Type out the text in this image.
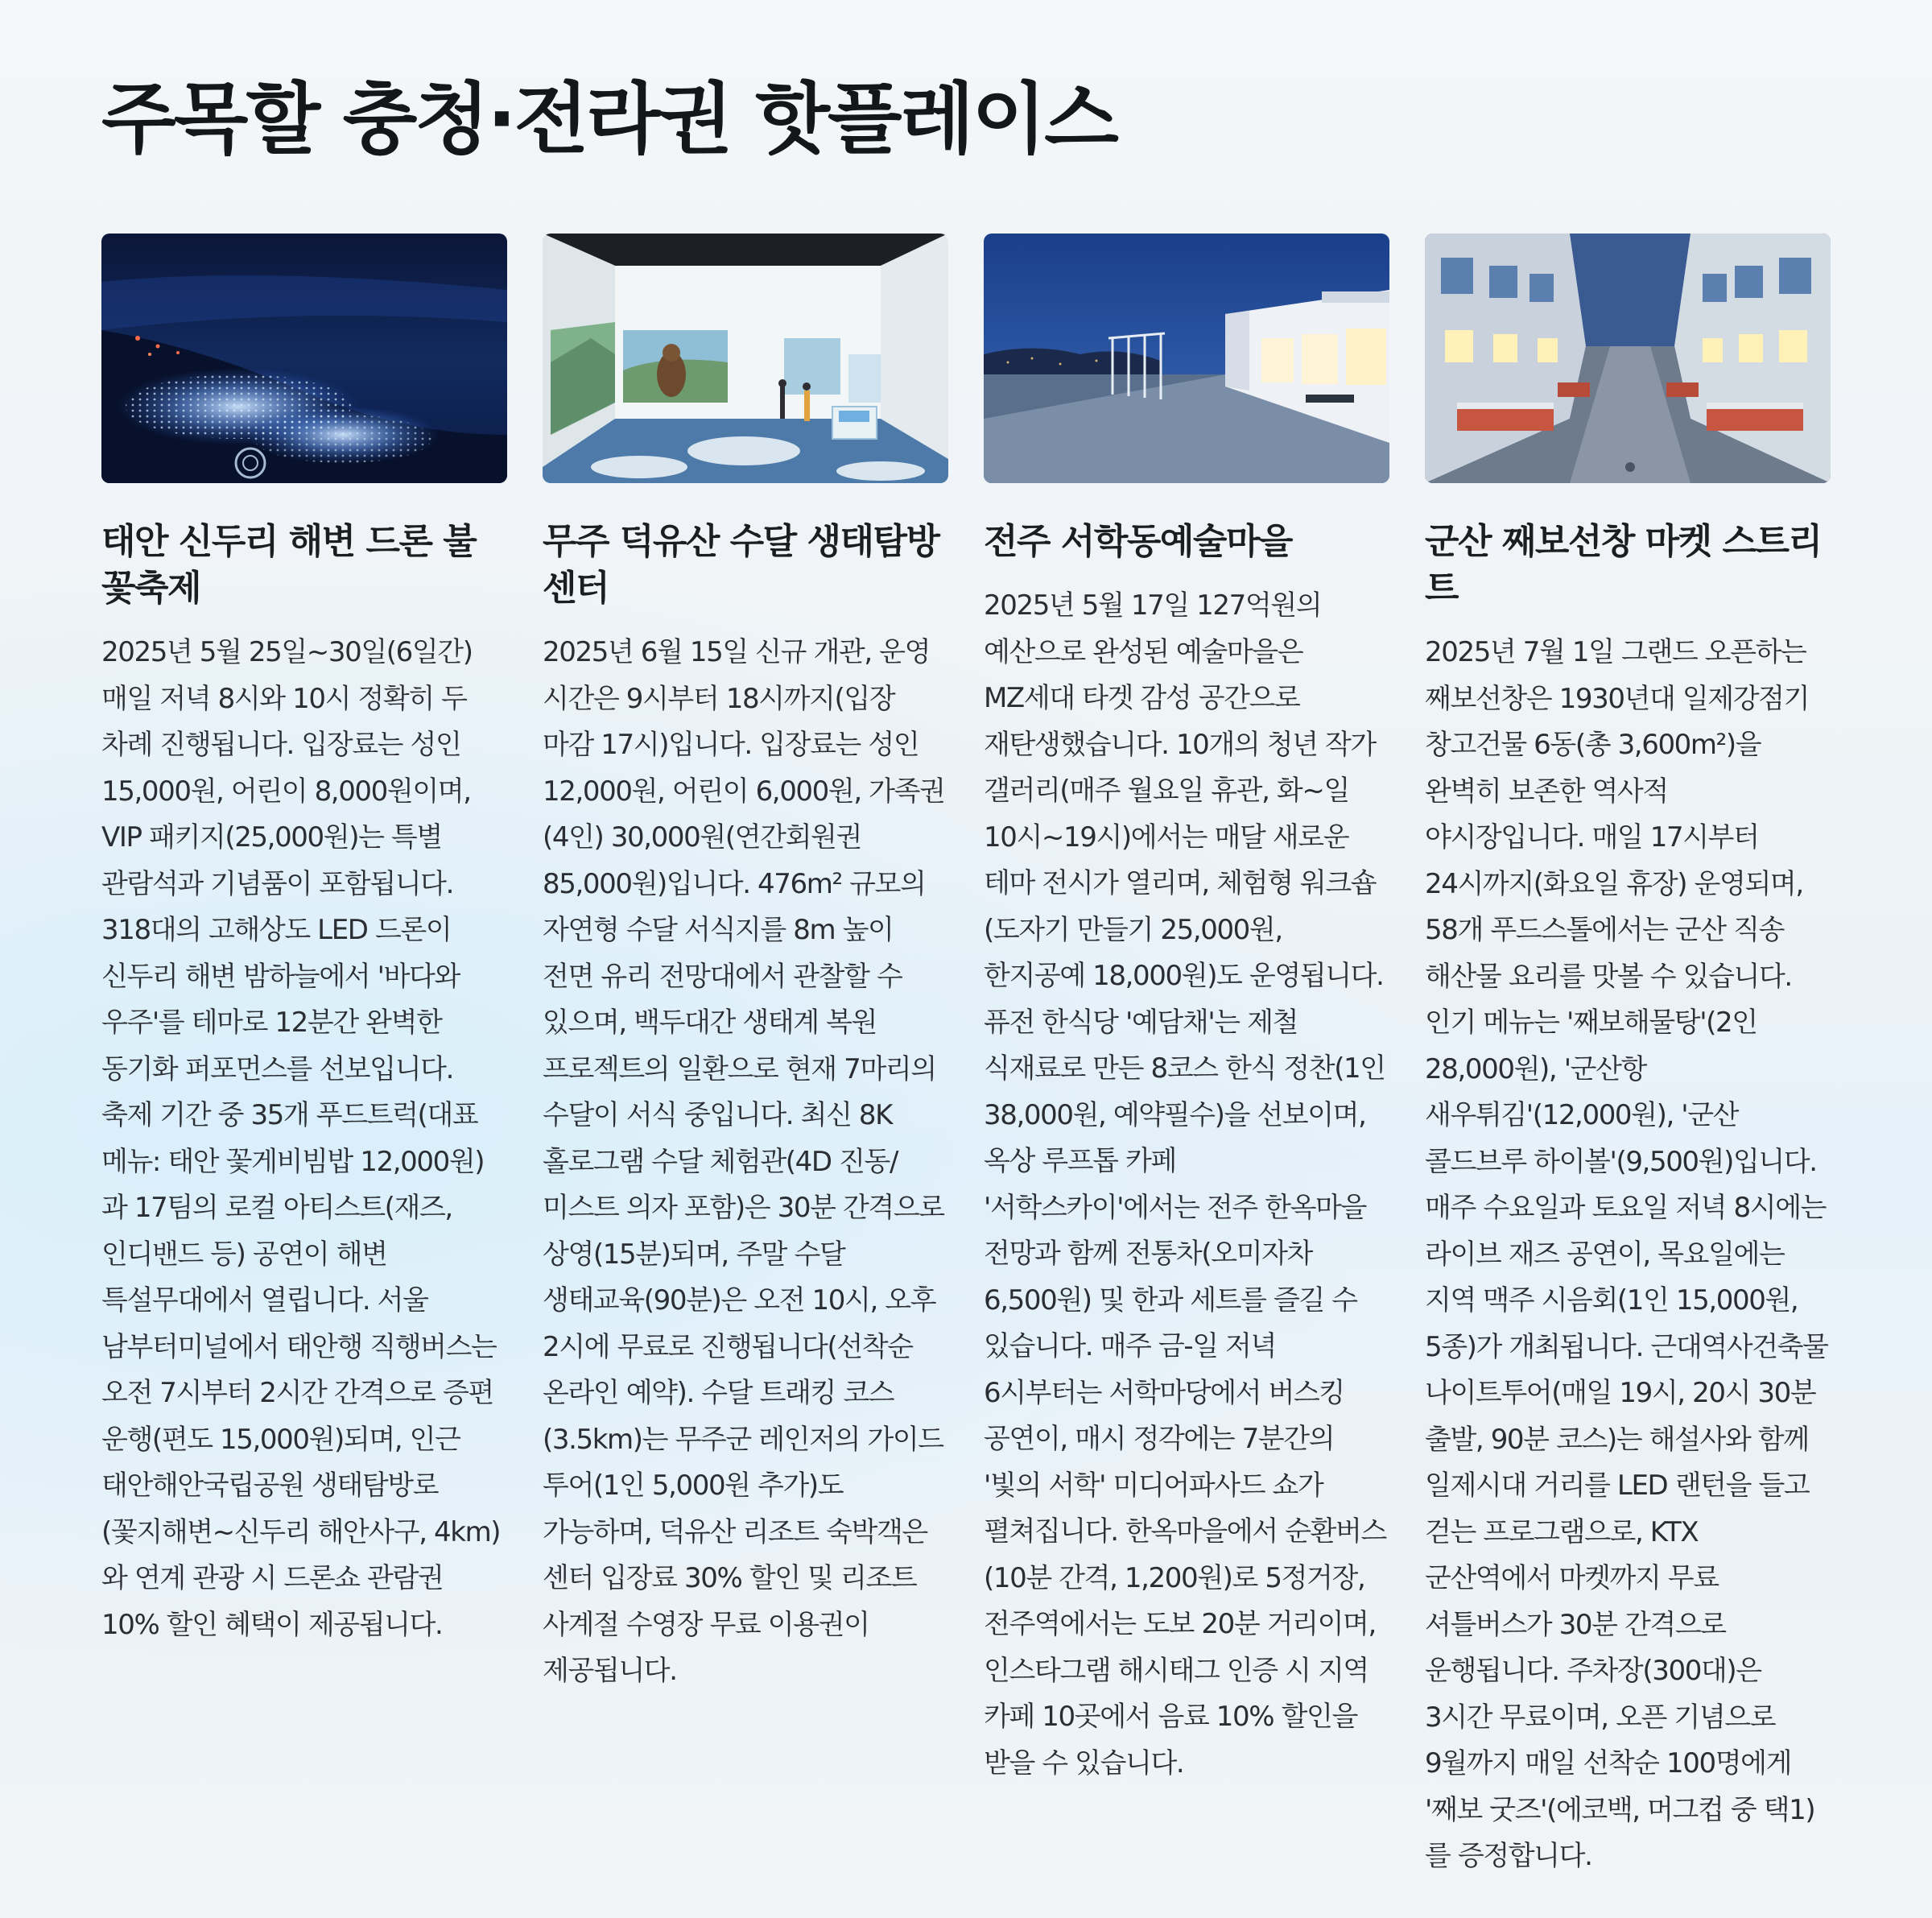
주목할 충청·전라권 핫플레이스
태안 신두리 해변 드론 불꽃축제

2025년 5월 25일~30일(6일간) 매일 저녁 8시와 10시 정확히 두 차례 진행됩니다. 입장료는 성인 15,000원, 어린이 8,000원이며, VIP 패키지(25,000원)는 특별 관람석과 기념품이 포함됩니다. 318대의 고해상도 LED 드론이 신두리 해변 밤하늘에서 '바다와 우주'를 테마로 12분간 완벽한 동기화 퍼포먼스를 선보입니다. 축제 기간 중 35개 푸드트럭(대표 메뉴: 태안 꽃게비빔밥 12,000원)과 17팀의 로컬 아티스트(재즈, 인디밴드 등) 공연이 해변 특설무대에서 열립니다. 서울 남부터미널에서 태안행 직행버스는 오전 7시부터 2시간 간격으로 증편 운행(편도 15,000원)되며, 인근 태안해안국립공원 생태탐방로(꽃지해변~신두리 해안사구, 4km)와 연계 관광 시 드론쇼 관람권 10% 할인 혜택이 제공됩니다.

무주 덕유산 수달 생태탐방센터

2025년 6월 15일 신규 개관, 운영 시간은 9시부터 18시까지(입장 마감 17시)입니다. 입장료는 성인 12,000원, 어린이 6,000원, 가족권(4인) 30,000원(연간회원권 85,000원)입니다. 476m² 규모의 자연형 수달 서식지를 8m 높이 전면 유리 전망대에서 관찰할 수 있으며, 백두대간 생태계 복원 프로젝트의 일환으로 현재 7마리의 수달이 서식 중입니다. 최신 8K 홀로그램 수달 체험관(4D 진동/미스트 의자 포함)은 30분 간격으로 상영(15분)되며, 주말 수달 생태교육(90분)은 오전 10시, 오후 2시에 무료로 진행됩니다(선착순 온라인 예약). 수달 트래킹 코스(3.5km)는 무주군 레인저의 가이드 투어(1인 5,000원 추가)도 가능하며, 덕유산 리조트 숙박객은 센터 입장료 30% 할인 및 리조트 사계절 수영장 무료 이용권이 제공됩니다.

전주 서학동예술마을

2025년 5월 17일 127억원의 예산으로 완성된 예술마을은 MZ세대 타겟 감성 공간으로 재탄생했습니다. 10개의 청년 작가 갤러리(매주 월요일 휴관, 화~일 10시~19시)에서는 매달 새로운 테마 전시가 열리며, 체험형 워크숍(도자기 만들기 25,000원, 한지공예 18,000원)도 운영됩니다. 퓨전 한식당 '예담채'는 제철 식재료로 만든 8코스 한식 정찬(1인 38,000원, 예약필수)을 선보이며, 옥상 루프톱 카페 '서학스카이'에서는 전주 한옥마을 전망과 함께 전통차(오미자차 6,500원) 및 한과 세트를 즐길 수 있습니다. 매주 금-일 저녁 6시부터는 서학마당에서 버스킹 공연이, 매시 정각에는 7분간의 '빛의 서학' 미디어파사드 쇼가 펼쳐집니다. 한옥마을에서 순환버스(10분 간격, 1,200원)로 5정거장, 전주역에서는 도보 20분 거리이며, 인스타그램 해시태그 인증 시 지역 카페 10곳에서 음료 10% 할인을 받을 수 있습니다.

군산 째보선창 마켓 스트리트

2025년 7월 1일 그랜드 오픈하는 째보선창은 1930년대 일제강점기 창고건물 6동(총 3,600m²)을 완벽히 보존한 역사적 야시장입니다. 매일 17시부터 24시까지(화요일 휴장) 운영되며, 58개 푸드스톨에서는 군산 직송 해산물 요리를 맛볼 수 있습니다. 인기 메뉴는 '째보해물탕'(2인 28,000원), '군산항 새우튀김'(12,000원), '군산 콜드브루 하이볼'(9,500원)입니다. 매주 수요일과 토요일 저녁 8시에는 라이브 재즈 공연이, 목요일에는 지역 맥주 시음회(1인 15,000원, 5종)가 개최됩니다. 근대역사건축물 나이트투어(매일 19시, 20시 30분 출발, 90분 코스)는 해설사와 함께 일제시대 거리를 LED 랜턴을 들고 걷는 프로그램으로, KTX 군산역에서 마켓까지 무료 셔틀버스가 30분 간격으로 운행됩니다. 주차장(300대)은 3시간 무료이며, 오픈 기념으로 9월까지 매일 선착순 100명에게 '째보 굿즈'(에코백, 머그컵 중 택1)를 증정합니다.
